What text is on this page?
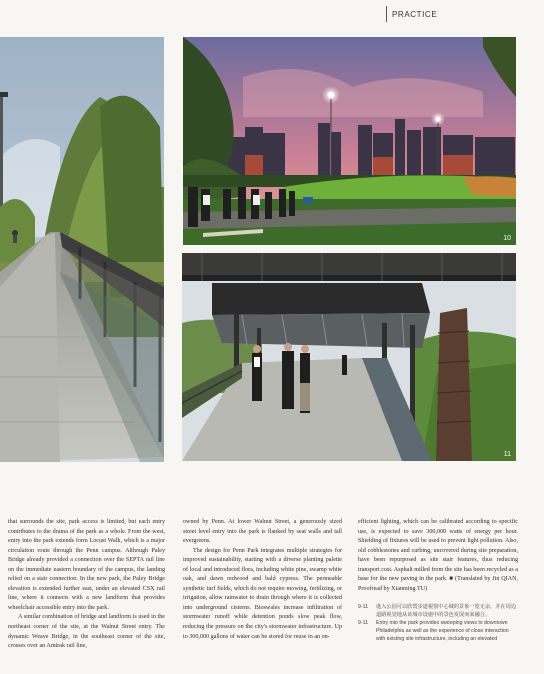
PRACTICE
10
11

that surrounds the site, park access is limited, but each entry contributes to the drama of the park as a whole. From the west, entry into the park extends form Locust Walk, which is a major circulation route through the Penn campus. Although Paley Bridge already provided a connection over the SEPTA rail line on the immediate eastern boundary of the campus, the landing relied on a stair connection. In the new park, the Paley Bridge elevation is extended further east, under an elevated CSX rail line, where it connects with a new landform that provides wheelchair accessible entry into the park.

A similar combination of bridge and landform is used in the northeast corner of the site, at the Walnut Street entry. The dynamic Weave Bridge, in the southeast corner of the site, crosses over an Amtrak rail line,

owned by Penn. At lower Walnut Street, a generously sized street level entry into the park is flanked by seat walls and tall evergreens.

The design for Penn Park integrates multiple strategies for improved sustainability, starting with a diverse planting palette of local and introduced flora, including white pine, swamp white oak, and dawn redwood and bald cypress. The permeable synthetic turf fields, which do not require mowing, fertilizing, or irrigation, allow rainwater to drain through where it is collected into underground cisterns. Bioswales increase infiltration of stormwater runoff while detention ponds slow peak flow, reducing the pressure on the city's stormwater infrastructure. Up to 300,000 gallons of water can be stored for reuse in an on-

efficient lighting, which can be calibrated according to specific use, is expected to save 300,000 watts of energy per hour. Shielding of fixtures will be used to prevent light pollution. Also, old cobblestones and curbing, uncovered during site preparation, have been repurposed as site stair features, thus reducing transport cost. Asphalt milled from the site has been recycled as a base for the new paving in the park. ■ (Translated by Jin QIAN, Proofread by Xianming TU)

9-11	進入公园可以欣賞步道視窗中心城的景象一览无余，并在周边道路视觉地从该城市设施中的景色发展而来融合。
9-11	Entry into the park provides sweeping views to downtown Philadelphia as well as the experience of close interaction with existing site infrastructure, including an elevated
